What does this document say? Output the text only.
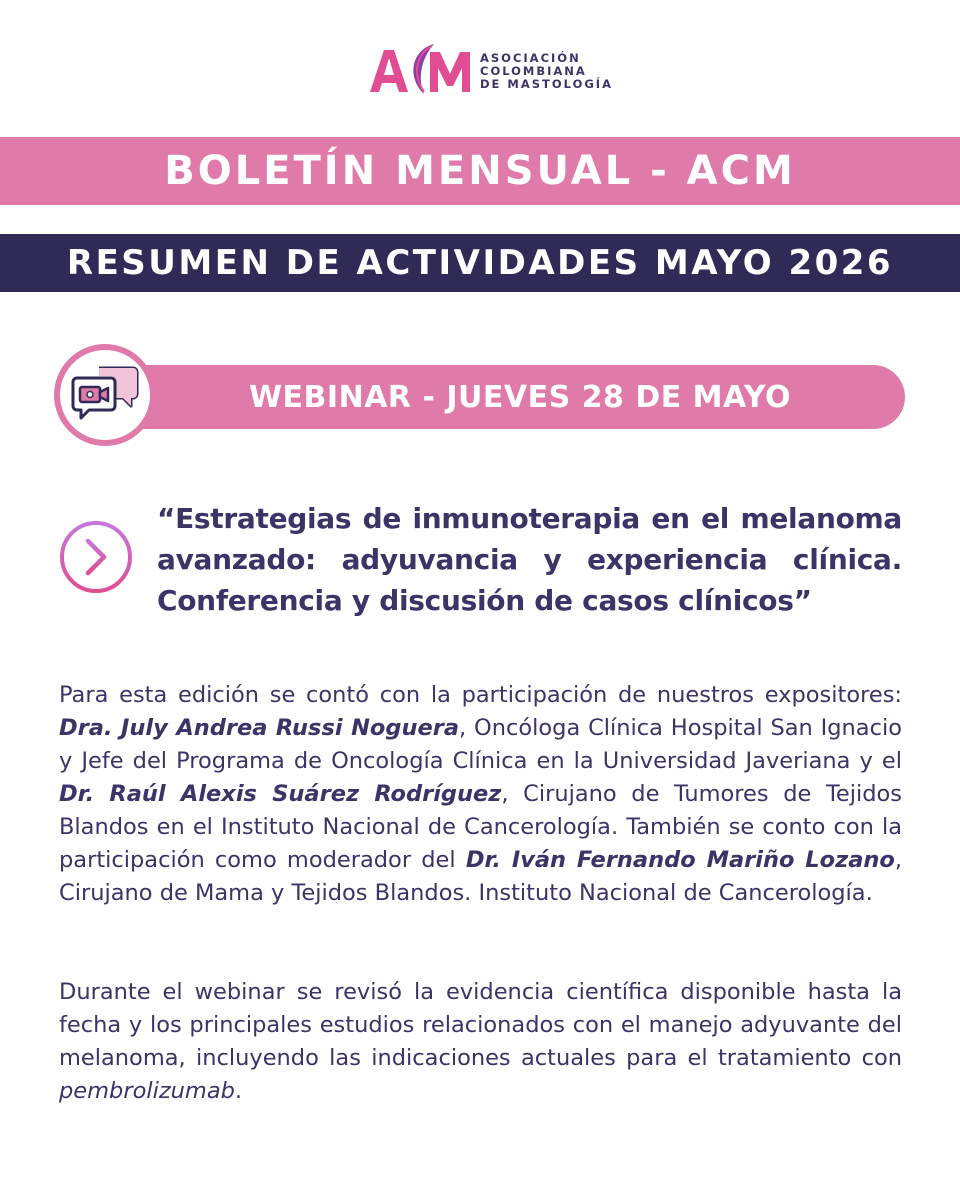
ASOCIACIÓN
COLOMBIANA
DE MASTOLOGÍA
BOLETÍN MENSUAL - ACM
RESUMEN DE ACTIVIDADES MAYO 2026
WEBINAR - JUEVES 28 DE MAYO
“Estrategias de inmunoterapia en el melanoma avanzado: adyuvancia y experiencia clínica. Conferencia y discusión de casos clínicos”
Para esta edición se contó con la participación de nuestros expositores: Dra. July Andrea Russi Noguera, Oncóloga Clínica Hospital San Ignacio y Jefe del Programa de Oncología Clínica en la Universidad Javeriana y el Dr. Raúl Alexis Suárez Rodríguez, Cirujano de Tumores de Tejidos Blandos en el Instituto Nacional de Cancerología. También se conto con la participación como moderador del Dr. Iván Fernando Mariño Lozano, Cirujano de Mama y Tejidos Blandos. Instituto Nacional de Cancerología.
Durante el webinar se revisó la evidencia científica disponible hasta la fecha y los principales estudios relacionados con el manejo adyuvante del melanoma, incluyendo las indicaciones actuales para el tratamiento con pembrolizumab.
